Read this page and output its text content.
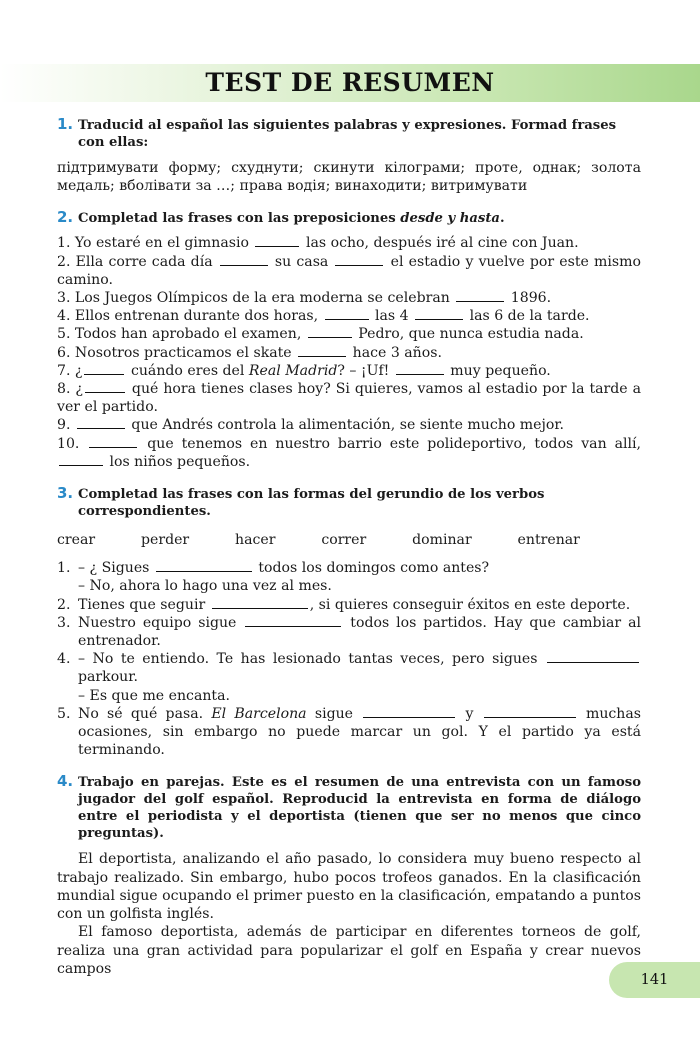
TEST DE RESUMEN
1. Traducid al español las siguientes palabras y expresiones. Formad frases con ellas:

підтримувати форму; схуднути; скинути кілограми; проте, однак; золота медаль; вболівати за …; права водія; винаходити; витримувати

2. Completad las frases con las preposiciones desde y hasta.

1. Yo estaré en el gimnasio	las ocho, después iré al cine con Juan.

2. Ella corre cada día	su casa	el estadio y vuelve por este mismo camino.

3. Los Juegos Olímpicos de la era moderna se celebran	1896.

4. Ellos entrenan durante dos horas,	las 4	las 6 de la tarde.

5. Todos han aprobado el examen,	Pedro, que nunca estudia nada.

6. Nosotros practicamos el skate	hace 3 años.

7. ¿	cuándo eres del Real Madrid? – ¡Uf!	muy pequeño.

8. ¿	qué hora tienes clases hoy? Si quieres, vamos al estadio por la tarde a ver el partido.

9.	que Andrés controla la alimentación, se siente mucho mejor.

10.	que tenemos en nuestro barrio este polideportivo, todos van allí,  los niños pequeños.

3. Completad las frases con las formas del gerundio de los verbos correspondientes.
crear	perder	hacer	correr	dominar	entrenar
1. – ¿ Sigues	todos los domingos como antes?

– No, ahora lo hago una vez al mes.

2. Tienes que seguir	, si quieres conseguir éxitos en este deporte.

3. Nuestro equipo sigue	todos los partidos. Hay que cambiar al entrenador.

4. – No te entiendo. Te has lesionado tantas veces, pero sigues  parkour.

– Es que me encanta.

5. No sé qué pasa. El Barcelona sigue	y	muchas ocasiones, sin embargo no puede marcar un gol. Y el partido ya está terminando.

4. Trabajo en parejas. Este es el resumen de una entrevista con un famoso jugador del golf español. Reproducid la entrevista en forma de diálogo entre el periodista y el deportista (tienen que ser no menos que cinco preguntas).

El deportista, analizando el año pasado, lo considera muy bueno respecto al trabajo realizado. Sin embargo, hubo pocos trofeos ganados. En la clasificación mundial sigue ocupando el primer puesto en la clasificación, empatando a puntos con un golfista inglés.

El famoso deportista, además de participar en diferentes torneos de golf, realiza una gran actividad para popularizar el golf en España y crear nuevos campos

141
